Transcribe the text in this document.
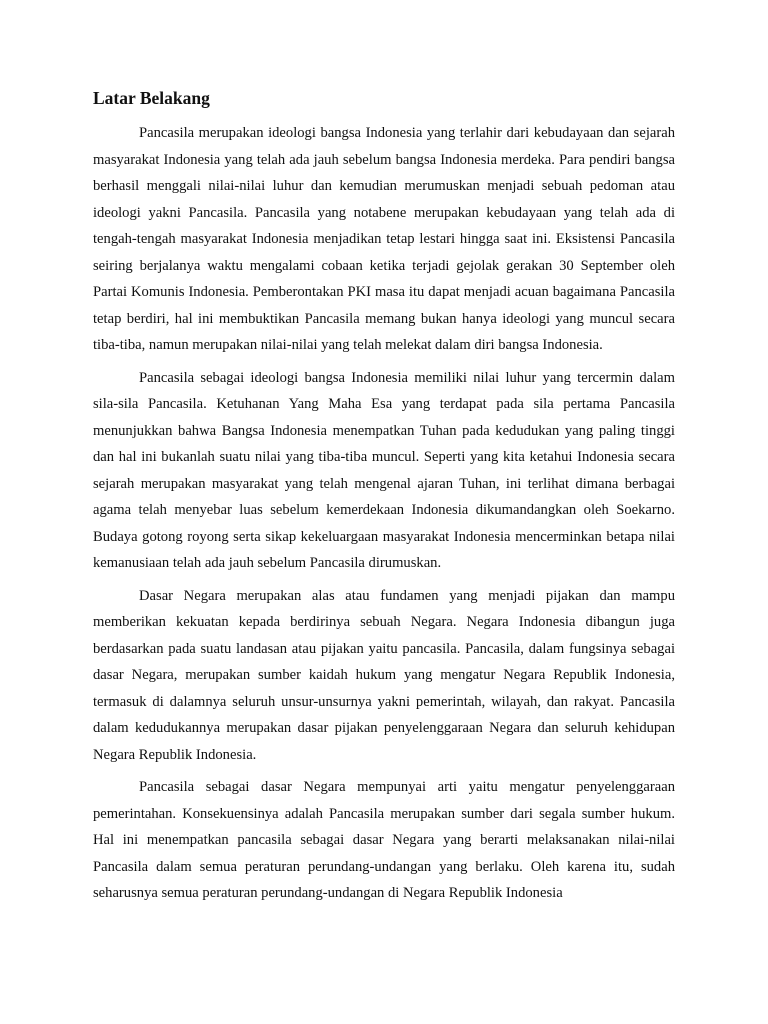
Latar Belakang

Pancasila merupakan ideologi bangsa Indonesia yang terlahir dari kebudayaan dan sejarah masyarakat Indonesia yang telah ada jauh sebelum bangsa Indonesia merdeka. Para pendiri bangsa berhasil menggali nilai-nilai luhur dan kemudian merumuskan menjadi sebuah pedoman atau ideologi yakni Pancasila. Pancasila yang notabene merupakan kebudayaan yang telah ada di tengah-tengah masyarakat Indonesia menjadikan tetap lestari hingga saat ini. Eksistensi Pancasila seiring berjalanya waktu mengalami cobaan ketika terjadi gejolak gerakan 30 September oleh Partai Komunis Indonesia. Pemberontakan PKI masa itu dapat menjadi acuan bagaimana Pancasila tetap berdiri, hal ini membuktikan Pancasila memang bukan hanya ideologi yang muncul secara tiba-tiba, namun merupakan nilai-nilai yang telah melekat dalam diri bangsa Indonesia.

Pancasila sebagai ideologi bangsa Indonesia memiliki nilai luhur yang tercermin dalam sila-sila Pancasila. Ketuhanan Yang Maha Esa yang terdapat pada sila pertama Pancasila menunjukkan bahwa Bangsa Indonesia menempatkan Tuhan pada kedudukan yang paling tinggi dan hal ini bukanlah suatu nilai yang tiba-tiba muncul. Seperti yang kita ketahui Indonesia secara sejarah merupakan masyarakat yang telah mengenal ajaran Tuhan, ini terlihat dimana berbagai agama telah menyebar luas sebelum kemerdekaan Indonesia dikumandangkan oleh Soekarno. Budaya gotong royong serta sikap kekeluargaan masyarakat Indonesia mencerminkan betapa nilai kemanusiaan telah ada jauh sebelum Pancasila dirumuskan.

Dasar Negara merupakan alas atau fundamen yang menjadi pijakan dan mampu memberikan kekuatan kepada berdirinya sebuah Negara. Negara Indonesia dibangun juga berdasarkan pada suatu landasan atau pijakan yaitu pancasila. Pancasila, dalam fungsinya sebagai dasar Negara, merupakan sumber kaidah hukum yang mengatur Negara Republik Indonesia, termasuk di dalamnya seluruh unsur-unsurnya yakni pemerintah, wilayah, dan rakyat. Pancasila dalam kedudukannya merupakan dasar pijakan penyelenggaraan Negara dan seluruh kehidupan Negara Republik Indonesia.

Pancasila sebagai dasar Negara mempunyai arti yaitu mengatur penyelenggaraan pemerintahan. Konsekuensinya adalah Pancasila merupakan sumber dari segala sumber hukum. Hal ini menempatkan pancasila sebagai dasar Negara yang berarti melaksanakan nilai-nilai Pancasila dalam semua peraturan perundang-undangan yang berlaku. Oleh karena itu, sudah seharusnya semua peraturan perundang-undangan di Negara Republik Indonesia
